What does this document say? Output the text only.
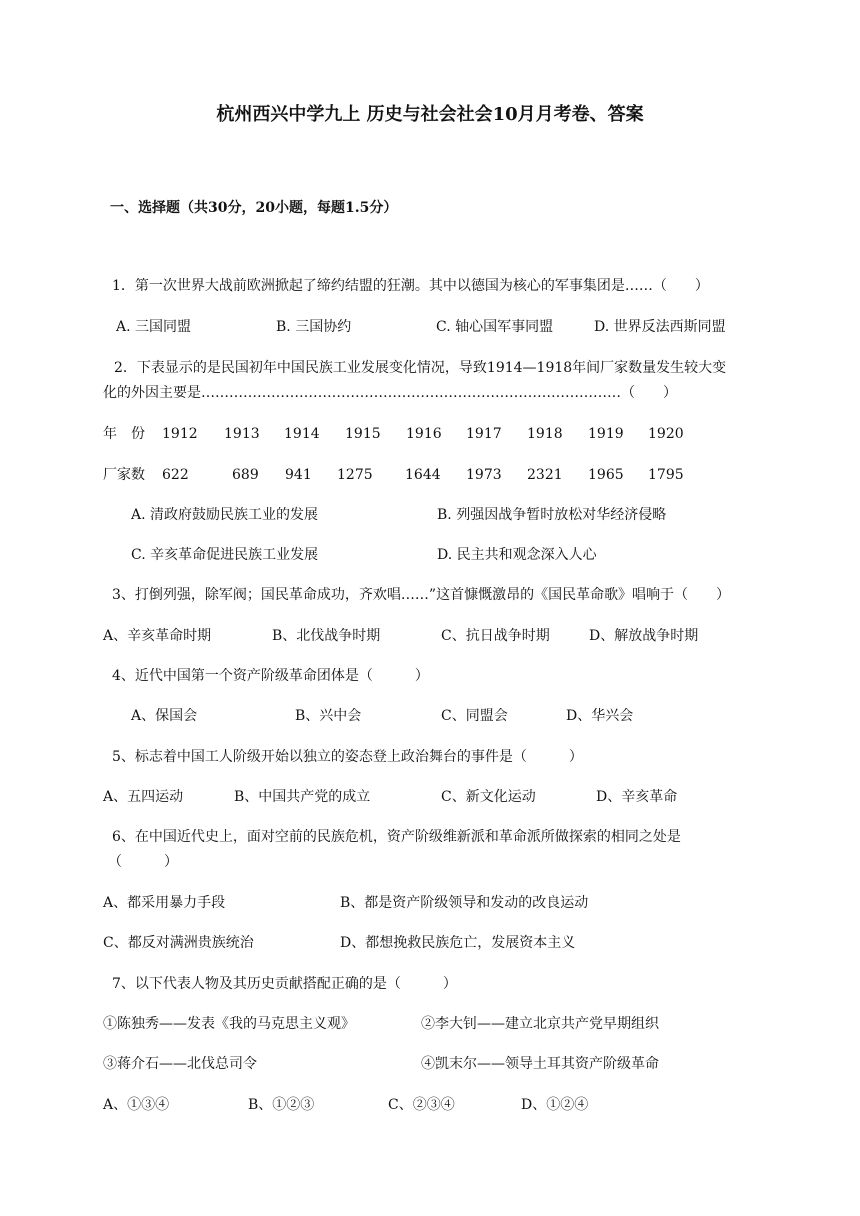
杭州西兴中学九上 历史与社会社会10月月考卷、答案
一、选择题（共30分，20小题，每题1.5分）
1．第一次世界大战前欧洲掀起了缔约结盟的狂潮。其中以德国为核心的军事集团是……（　　）
A. 三国同盟	B. 三国协约	C. 轴心国军事同盟	D. 世界反法西斯同盟
2．下表显示的是民国初年中国民族工业发展变化情况，导致1914—1918年间厂家数量发生较大变
化的外因主要是………………………………………………………………………………（　　）
年　份 1912 1913 1914 1915 1916 1917 1918 1919 1920
厂家数 622	689 941 1275 1644 1973 2321 1965 1795
A. 清政府鼓励民族工业的发展	B. 列强因战争暂时放松对华经济侵略
C. 辛亥革命促进民族工业发展	D. 民主共和观念深入人心
3、打倒列强，除军阀；国民革命成功，齐欢唱……”这首慷慨激昂的《国民革命歌》唱响于（　　）
A、辛亥革命时期	B、北伐战争时期	C、抗日战争时期	D、解放战争时期
4、近代中国第一个资产阶级革命团体是（　　　）
A、保国会	B、兴中会	C、同盟会	D、华兴会
5、标志着中国工人阶级开始以独立的姿态登上政治舞台的事件是（　　　）
A、五四运动	B、中国共产党的成立	C、新文化运动	D、辛亥革命
6、在中国近代史上，面对空前的民族危机，资产阶级维新派和革命派所做探索的相同之处是
（　　　）
A、都采用暴力手段	B、都是资产阶级领导和发动的改良运动
C、都反对满洲贵族统治	D、都想挽救民族危亡，发展资本主义
7、以下代表人物及其历史贡献搭配正确的是（　　　）
①陈独秀——发表《我的马克思主义观》	②李大钊——建立北京共产党早期组织
③蒋介石——北伐总司令	④凯末尔——领导土耳其资产阶级革命
A、①③④	B、①②③	C、②③④	D、①②④
